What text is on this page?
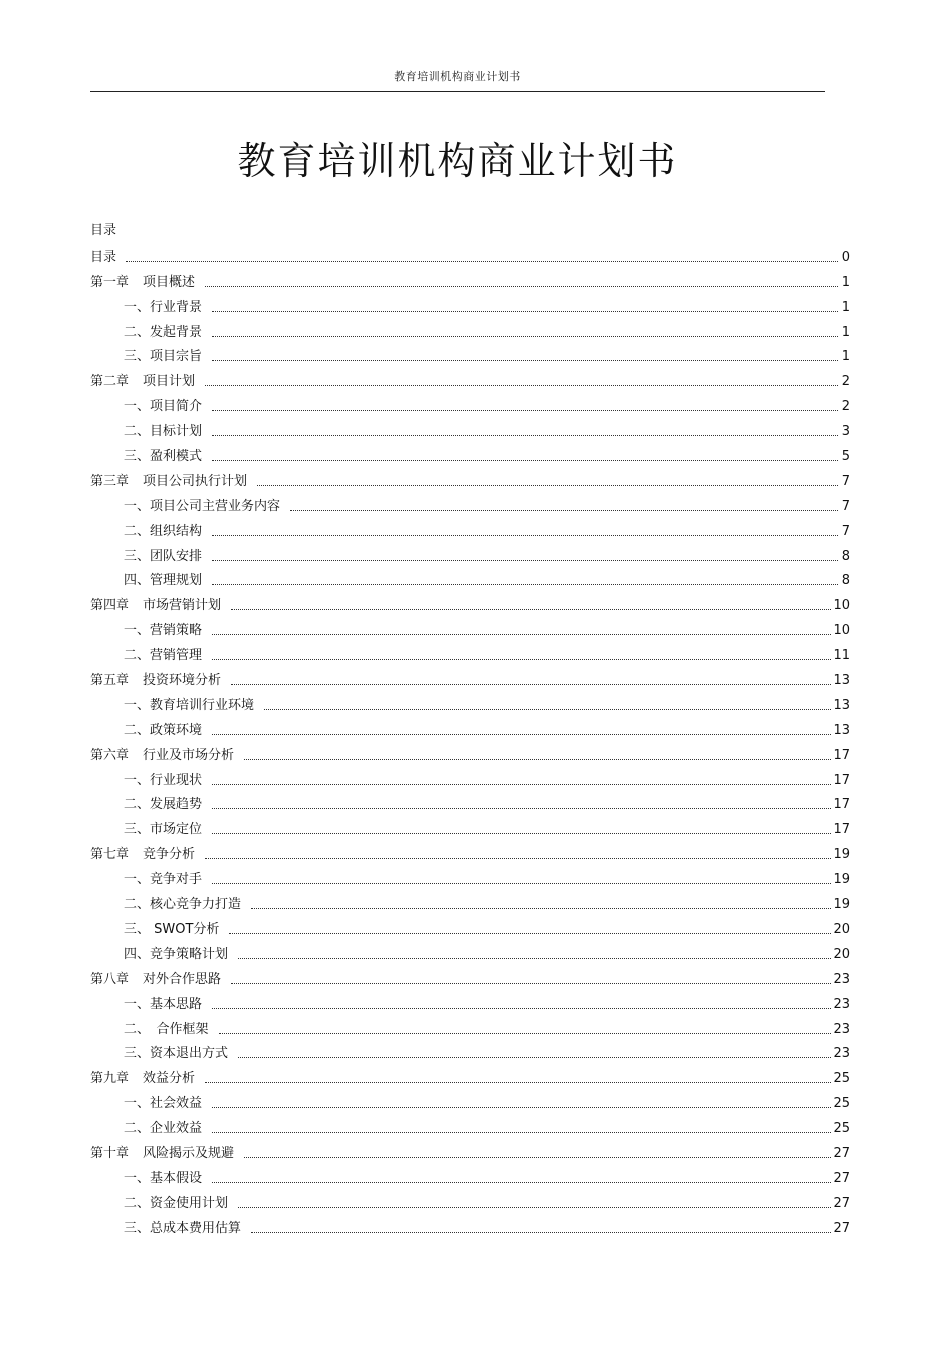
教育培训机构商业计划书
教育培训机构商业计划书
目录
目录	0
第一章 项目概述	1
一、行业背景	1
二、发起背景	1
三、项目宗旨	1
第二章 项目计划	2
一、项目简介	2
二、目标计划	3
三、盈利模式	5
第三章 项目公司执行计划	7
一、项目公司主营业务内容	7
二、组织结构	7
三、团队安排	8
四、管理规划	8
第四章 市场营销计划	10
一、营销策略	10
二、营销管理	11
第五章 投资环境分析	13
一、教育培训行业环境	13
二、政策环境	13
第六章 行业及市场分析	17
一、行业现状	17
二、发展趋势	17
三、市场定位	17
第七章 竞争分析	19
一、竞争对手	19
二、核心竞争力打造	19
三、 SWOT分析	20
四、竞争策略计划	20
第八章 对外合作思路	23
一、基本思路	23
二、　合作框架	23
三、资本退出方式	23
第九章 效益分析	25
一、社会效益	25
二、企业效益	25
第十章 风险揭示及规避	27
一、基本假设	27
二、资金使用计划	27
三、总成本费用估算	27
